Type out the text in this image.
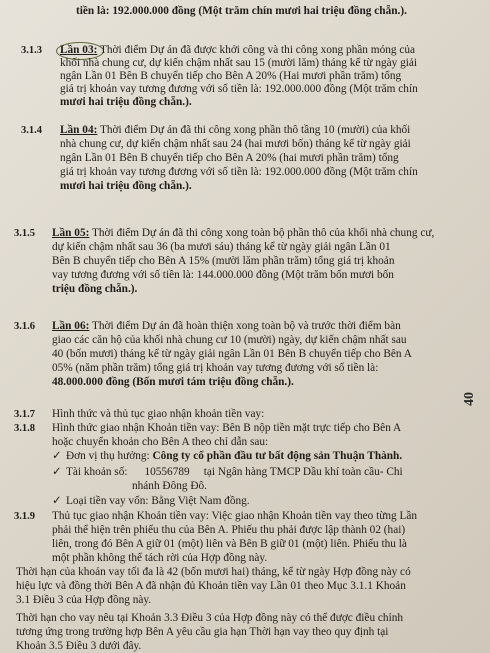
tiền là: 192.000.000 đồng (Một trăm chín mươi hai triệu đồng chẵn.).
3.1.3 Lần 03: Thời điểm Dự án đã được khởi công và thi công xong phần móng của
khối nhà chung cư, dự kiến chậm nhất sau 15 (mười lăm) tháng kể từ ngày giải
ngân Lần 01 Bên B chuyển tiếp cho Bên A 20% (Hai mươi phần trăm) tổng
giá trị khoản vay tương đương với số tiền là: 192.000.000 đồng (Một trăm chín
mươi hai triệu đồng chẵn.).
3.1.4 Lần 04: Thời điểm Dự án đã thi công xong phần thô tầng 10 (mười) của khối
nhà chung cư, dự kiến chậm nhất sau 24 (hai mươi bốn) tháng kể từ ngày giải
ngân Lần 01 Bên B chuyển tiếp cho Bên A 20% (hai mươi phần trăm) tổng
giá trị khoản vay tương đương với số tiền là: 192.000.000 đồng (Một trăm chín
mươi hai triệu đồng chẵn.).
3.1.5 Lần 05: Thời điểm Dự án đã thi công xong toàn bộ phần thô của khối nhà chung cư,
dự kiến chậm nhất sau 36 (ba mươi sáu) tháng kể từ ngày giải ngân Lần 01
Bên B chuyển tiếp cho Bên A 15% (mười lăm phần trăm) tổng giá trị khoản
vay tương đương với số tiền là: 144.000.000 đồng (Một trăm bốn mươi bốn
triệu đồng chẵn.).
3.1.6 Lần 06: Thời điểm Dự án đã hoàn thiện xong toàn bộ và trước thời điểm bàn
giao các căn hộ của khối nhà chung cư 10 (mười) ngày, dự kiến chậm nhất sau
40 (bốn mươi) tháng kể từ ngày giải ngân Lần 01 Bên B chuyển tiếp cho Bên A
05% (năm phần trăm) tổng giá trị khoản vay tương đương với số tiền là:
48.000.000 đồng (Bốn mươi tám triệu đồng chẵn.).
3.1.7 Hình thức và thủ tục giao nhận khoản tiền vay:
3.1.8 Hình thức giao nhận Khoản tiền vay: Bên B nộp tiền mặt trực tiếp cho Bên A
hoặc chuyển khoản cho Bên A theo chỉ dẫn sau:
✓ Đơn vị thụ hưởng: Công ty cổ phần đầu tư bất động sản Thuận Thành.
✓ Tài khoản số: 10556789 tại Ngân hàng TMCP Dầu khí toàn cầu- Chi
nhánh Đông Đô.
✓ Loại tiền vay vốn: Bằng Việt Nam đồng.
3.1.9 Thủ tục giao nhận Khoản tiền vay: Việc giao nhận Khoản tiền vay theo từng Lần
phải thể hiện trên phiếu thu của Bên A. Phiếu thu phải được lập thành 02 (hai)
liên, trong đó Bên A giữ 01 (một) liên và Bên B giữ 01 (một) liên. Phiếu thu là
một phần không thể tách rời của Hợp đồng này.
Thời hạn của khoản vay tối đa là 42 (bốn mươi hai) tháng, kể từ ngày Hợp đồng này có
hiệu lực và đồng thời Bên A đã nhận đủ Khoản tiền vay Lần 01 theo Mục 3.1.1 Khoản
3.1 Điều 3 của Hợp đồng này.
Thời hạn cho vay nêu tại Khoản 3.3 Điều 3 của Hợp đồng này có thể được điều chỉnh
tương ứng trong trường hợp Bên A yêu cầu gia hạn Thời hạn vay theo quy định tại
Khoản 3.5 Điều 3 dưới đây.
40
